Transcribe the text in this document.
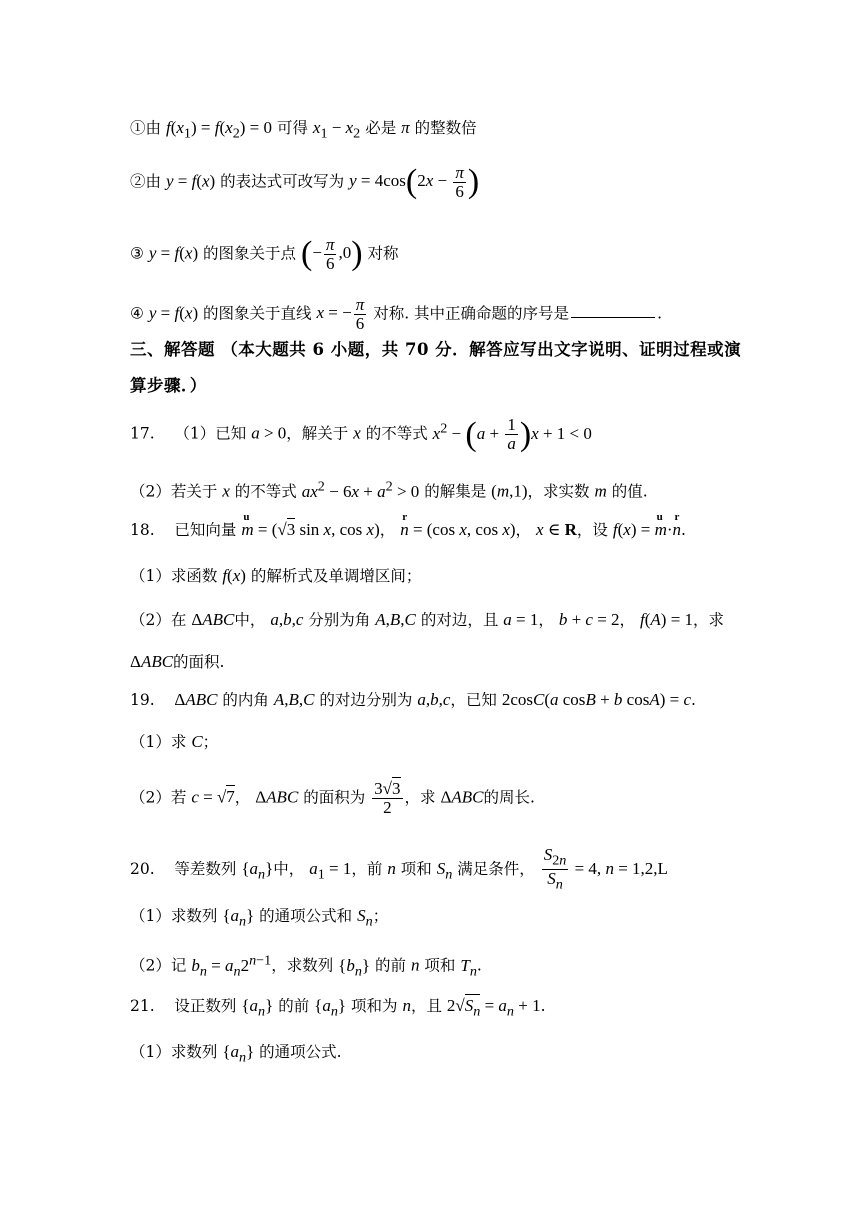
①由 $f(x_1) = f(x_2) = 0$ 可得 $x_1 - x_2$ 必是 π 的整数倍
②由 y = f(x) 的表达式可改写为 $y = 4\cos(2x - \frac{\pi}{6}$ )
③ y = f(x) 的图象关于点 (− $\frac{\pi}{6} ,0$) 对称
④ y = f(x) 的图象关于直线 x = − $\frac{\pi}{6}$ 对称. 其中正确命题的序号是	.
三、解答题 （本大题共 6 小题，共 70 分．解答应写出文字说明、证明过程或演算步骤．）
17. （1）已知 a > 0，解关于 x 的不等式 $x^2 - (a + \frac{1}{a} )x + 1 < 0$
（2）若关于 x 的不等式 $ax^2 - 6x + a^2 > 0$ 的解集是 (m,1)，求实数 m 的值.
18. 已知向量 u m = (√3 sin x, cos x)， r n = (cos x, cos x)， x ∈ R，设 f(x) = u m·r n.
（1）求函数 f(x) 的解析式及单调增区间；
（2）在 ΔABC中， a,b,c 分别为角 A,B,C 的对边，且 a = 1， b + c = 2， f(A) = 1，求
ΔABC的面积.
19. ΔABC 的内角 A,B,C 的对边分别为 a,b,c，已知 2cosC(a cosB + b cosA) = c.
（1）求 C；
（2）若 c = √7， ΔABC 的面积为 $\frac{3√3}{2}$ ，求 ΔABC的周长.
20. 等差数列 $\{a_n\}$中， $a_1 = 1$，前 n 项和 $S_n$ 满足条件， $\frac{S_{2n}}{S_n} = 4$, n = 1,2,L
（1）求数列 $\{a_n\}$ 的通项公式和 $S_n$；
（2）记 $b_n = a_n2^{n-1}$，求数列 $\{b_n\}$ 的前 n 项和 $T_n$.
21. 设正数列 $\{a_n\}$ 的前 $\{a_n\}$ 项和为 n，且 $2√S_n = a_n + 1$.
（1）求数列 $\{a_n\}$ 的通项公式.
